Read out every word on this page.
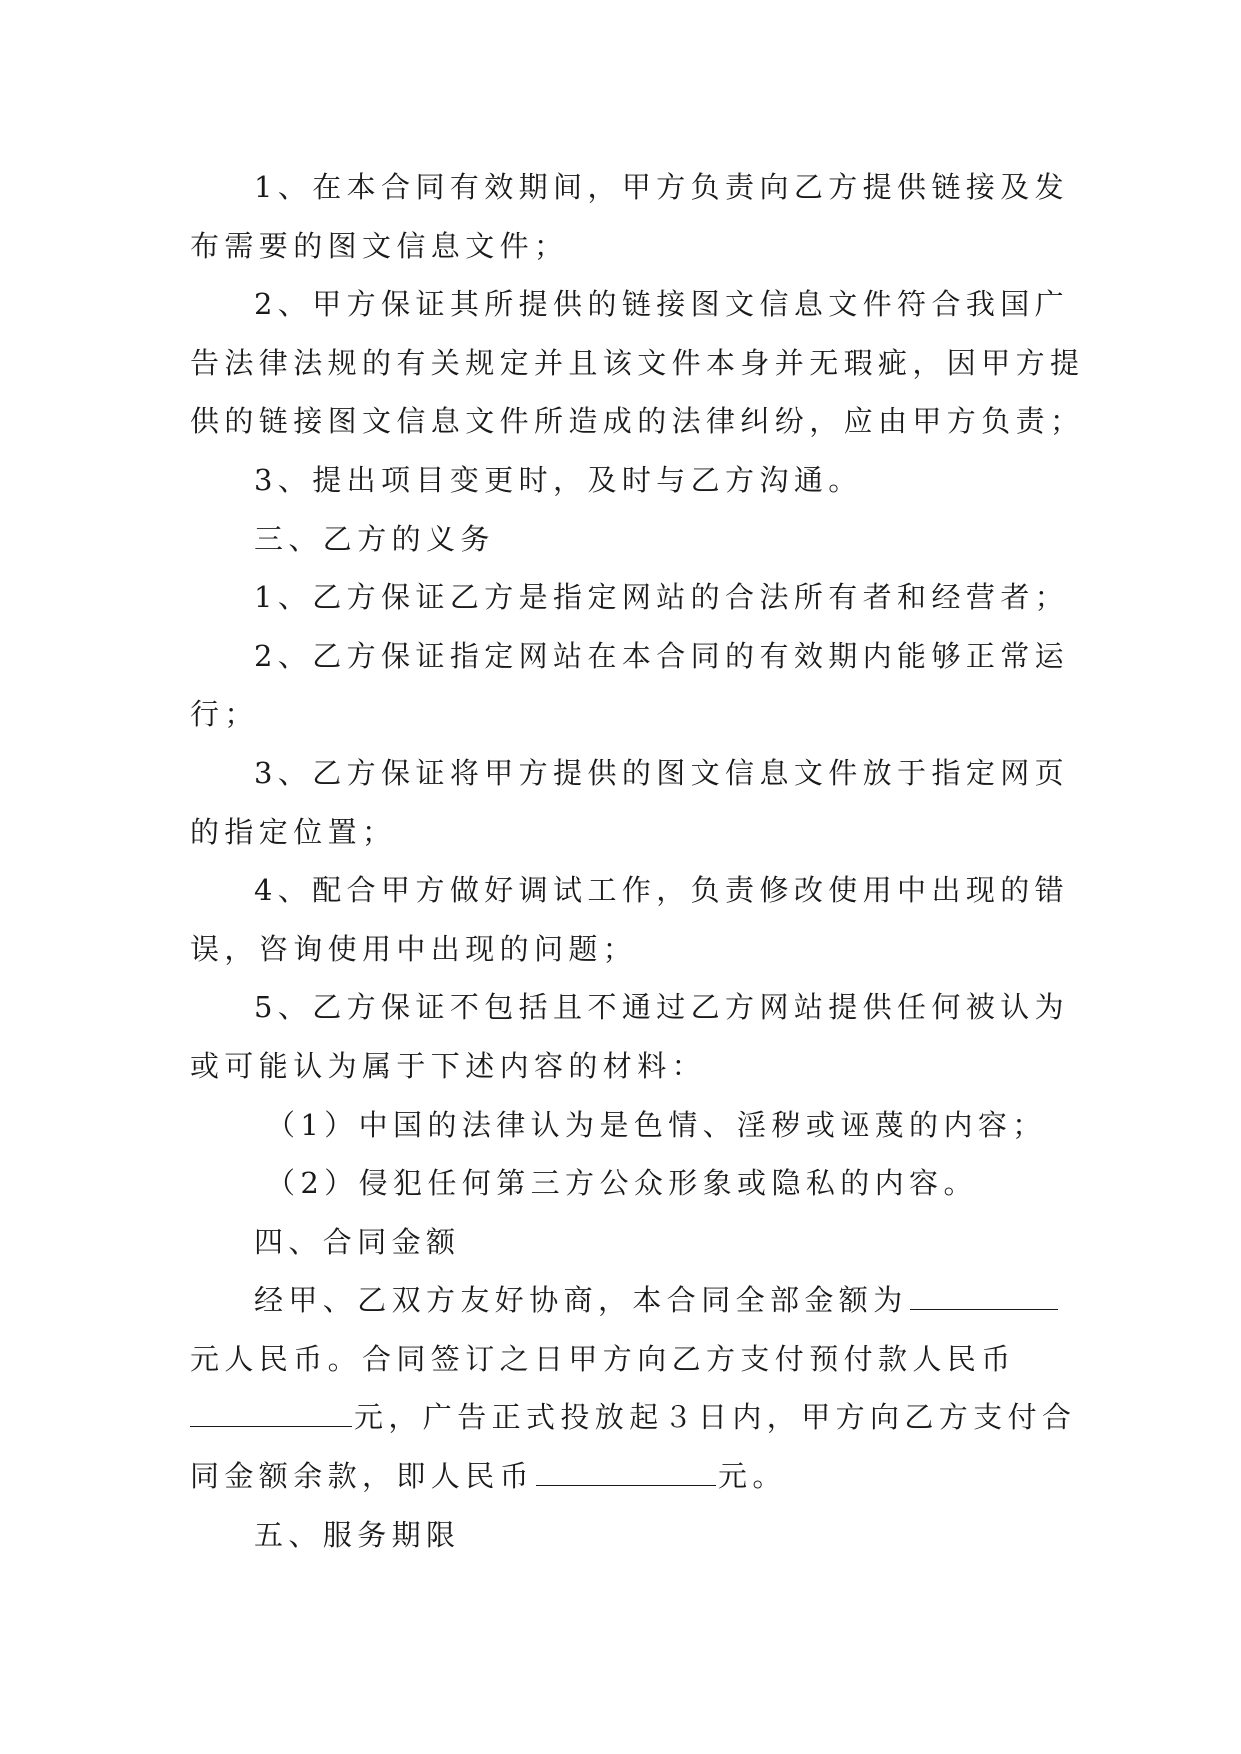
1、在本合同有效期间，甲方负责向乙方提供链接及发
布需要的图文信息文件；
2、甲方保证其所提供的链接图文信息文件符合我国广
告法律法规的有关规定并且该文件本身并无瑕疵，因甲方提
供的链接图文信息文件所造成的法律纠纷，应由甲方负责；
3、提出项目变更时，及时与乙方沟通。
三、乙方的义务
1、乙方保证乙方是指定网站的合法所有者和经营者；
2、乙方保证指定网站在本合同的有效期内能够正常运
行；
3、乙方保证将甲方提供的图文信息文件放于指定网页
的指定位置；
4、配合甲方做好调试工作，负责修改使用中出现的错
误，咨询使用中出现的问题；
5、乙方保证不包括且不通过乙方网站提供任何被认为
或可能认为属于下述内容的材料：
（1）中国的法律认为是色情、淫秽或诬蔑的内容；
（2）侵犯任何第三方公众形象或隐私的内容。
四、合同金额
经甲、乙双方友好协商，本合同全部金额为
元人民币。合同签订之日甲方向乙方支付预付款人民币
元，广告正式投放起３日内，甲方向乙方支付合
同金额余款，即人民币	元。
五、服务期限
